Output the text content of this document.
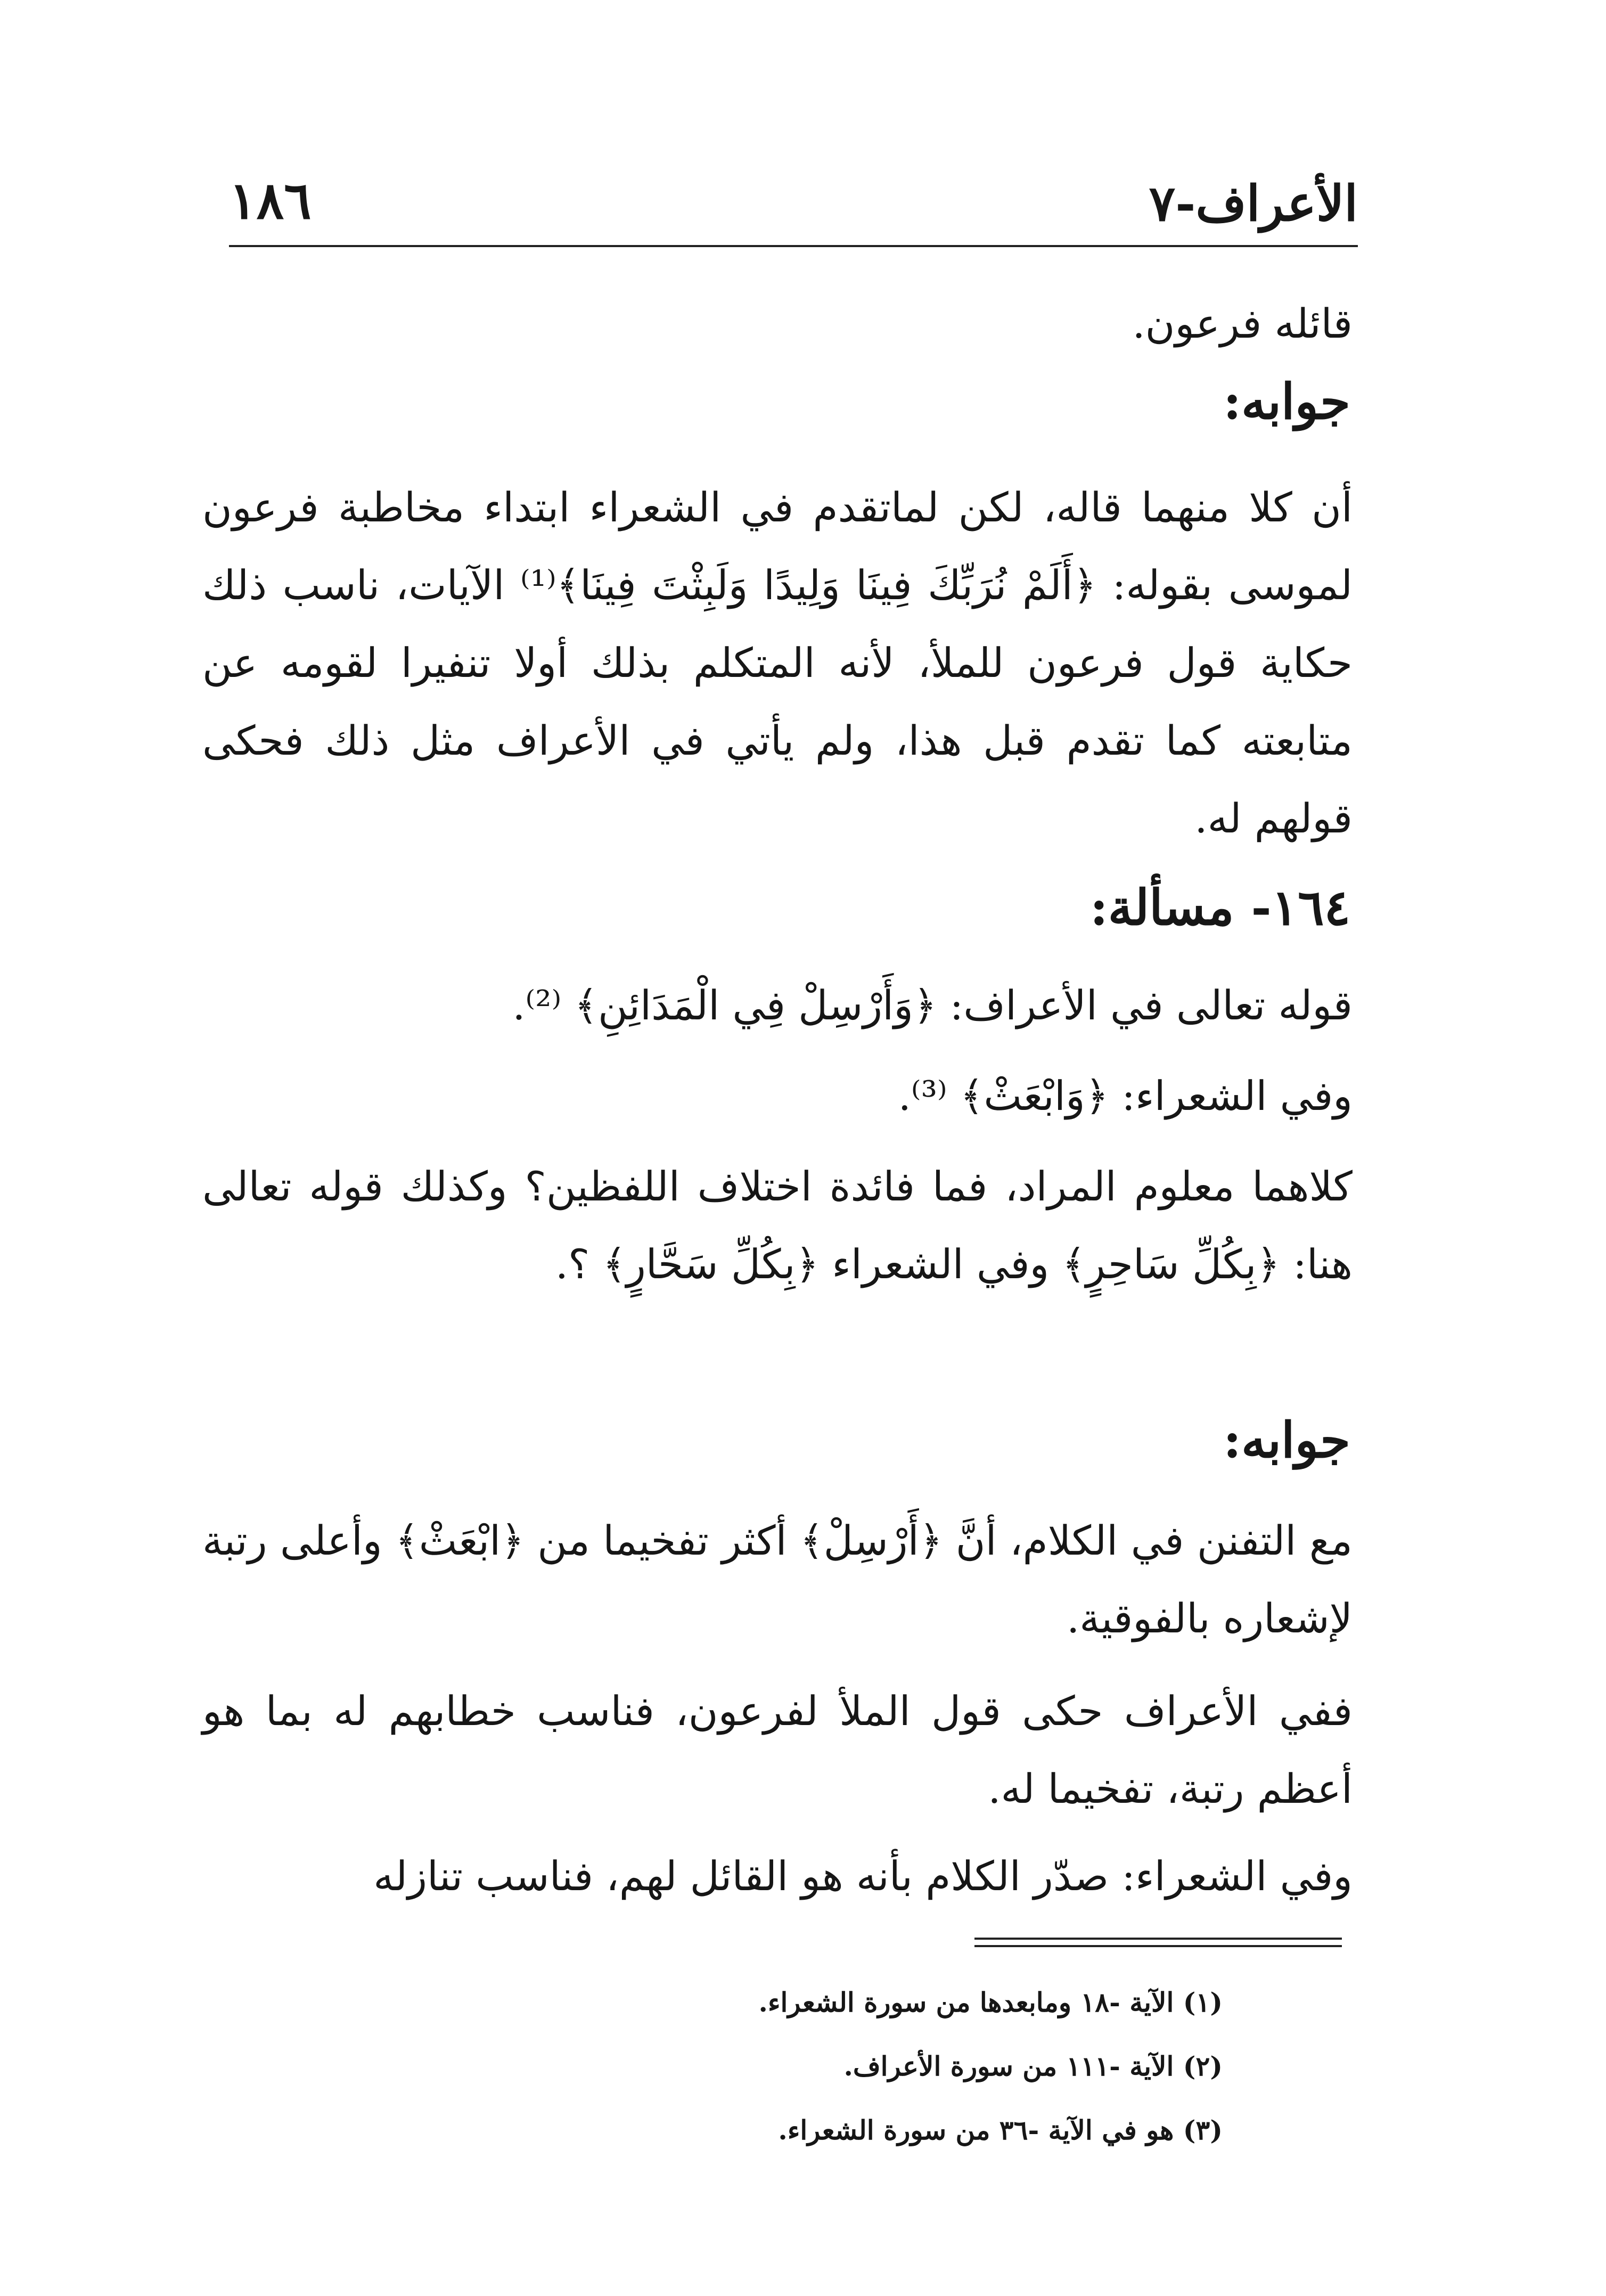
الأعراف-٧
١٨٦
قائله فرعون.
جوابه:
أن كلا منهما قاله، لكن لماتقدم في الشعراء ابتداء مخاطبة فرعون لموسى بقوله: ﴿أَلَمْ نُرَبِّكَ فِينَا وَلِيدًا وَلَبِثْتَ فِينَا﴾⁽¹⁾ الآيات، ناسب ذلك حكاية قول فرعون للملأ، لأنه المتكلم بذلك أولا تنفيرا لقومه عن متابعته كما تقدم قبل هذا، ولم يأتي في الأعراف مثل ذلك فحكى قولهم له.
١٦٤- مسألة:
قوله تعالى في الأعراف: ﴿وَأَرْسِلْ فِي الْمَدَائِنِ﴾ ⁽²⁾.
وفي الشعراء: ﴿وَابْعَثْ﴾ ⁽³⁾.
كلاهما معلوم المراد، فما فائدة اختلاف اللفظين؟ وكذلك قوله تعالى هنا: ﴿بِكُلِّ سَاحِرٍ﴾ وفي الشعراء ﴿بِكُلِّ سَحَّارٍ﴾ ؟.
جوابه:
مع التفنن في الكلام، أنَّ ﴿أَرْسِلْ﴾ أكثر تفخيما من ﴿ابْعَثْ﴾ وأعلى رتبة لإشعاره بالفوقية.
ففي الأعراف حكى قول الملأ لفرعون، فناسب خطابهم له بما هو أعظم رتبة، تفخيما له.
وفي الشعراء: صدّر الكلام بأنه هو القائل لهم، فناسب تنازله
(١) الآية -١٨ ومابعدها من سورة الشعراء.
(٢) الآية -١١١ من سورة الأعراف.
(٣) هو في الآية -٣٦ من سورة الشعراء.
